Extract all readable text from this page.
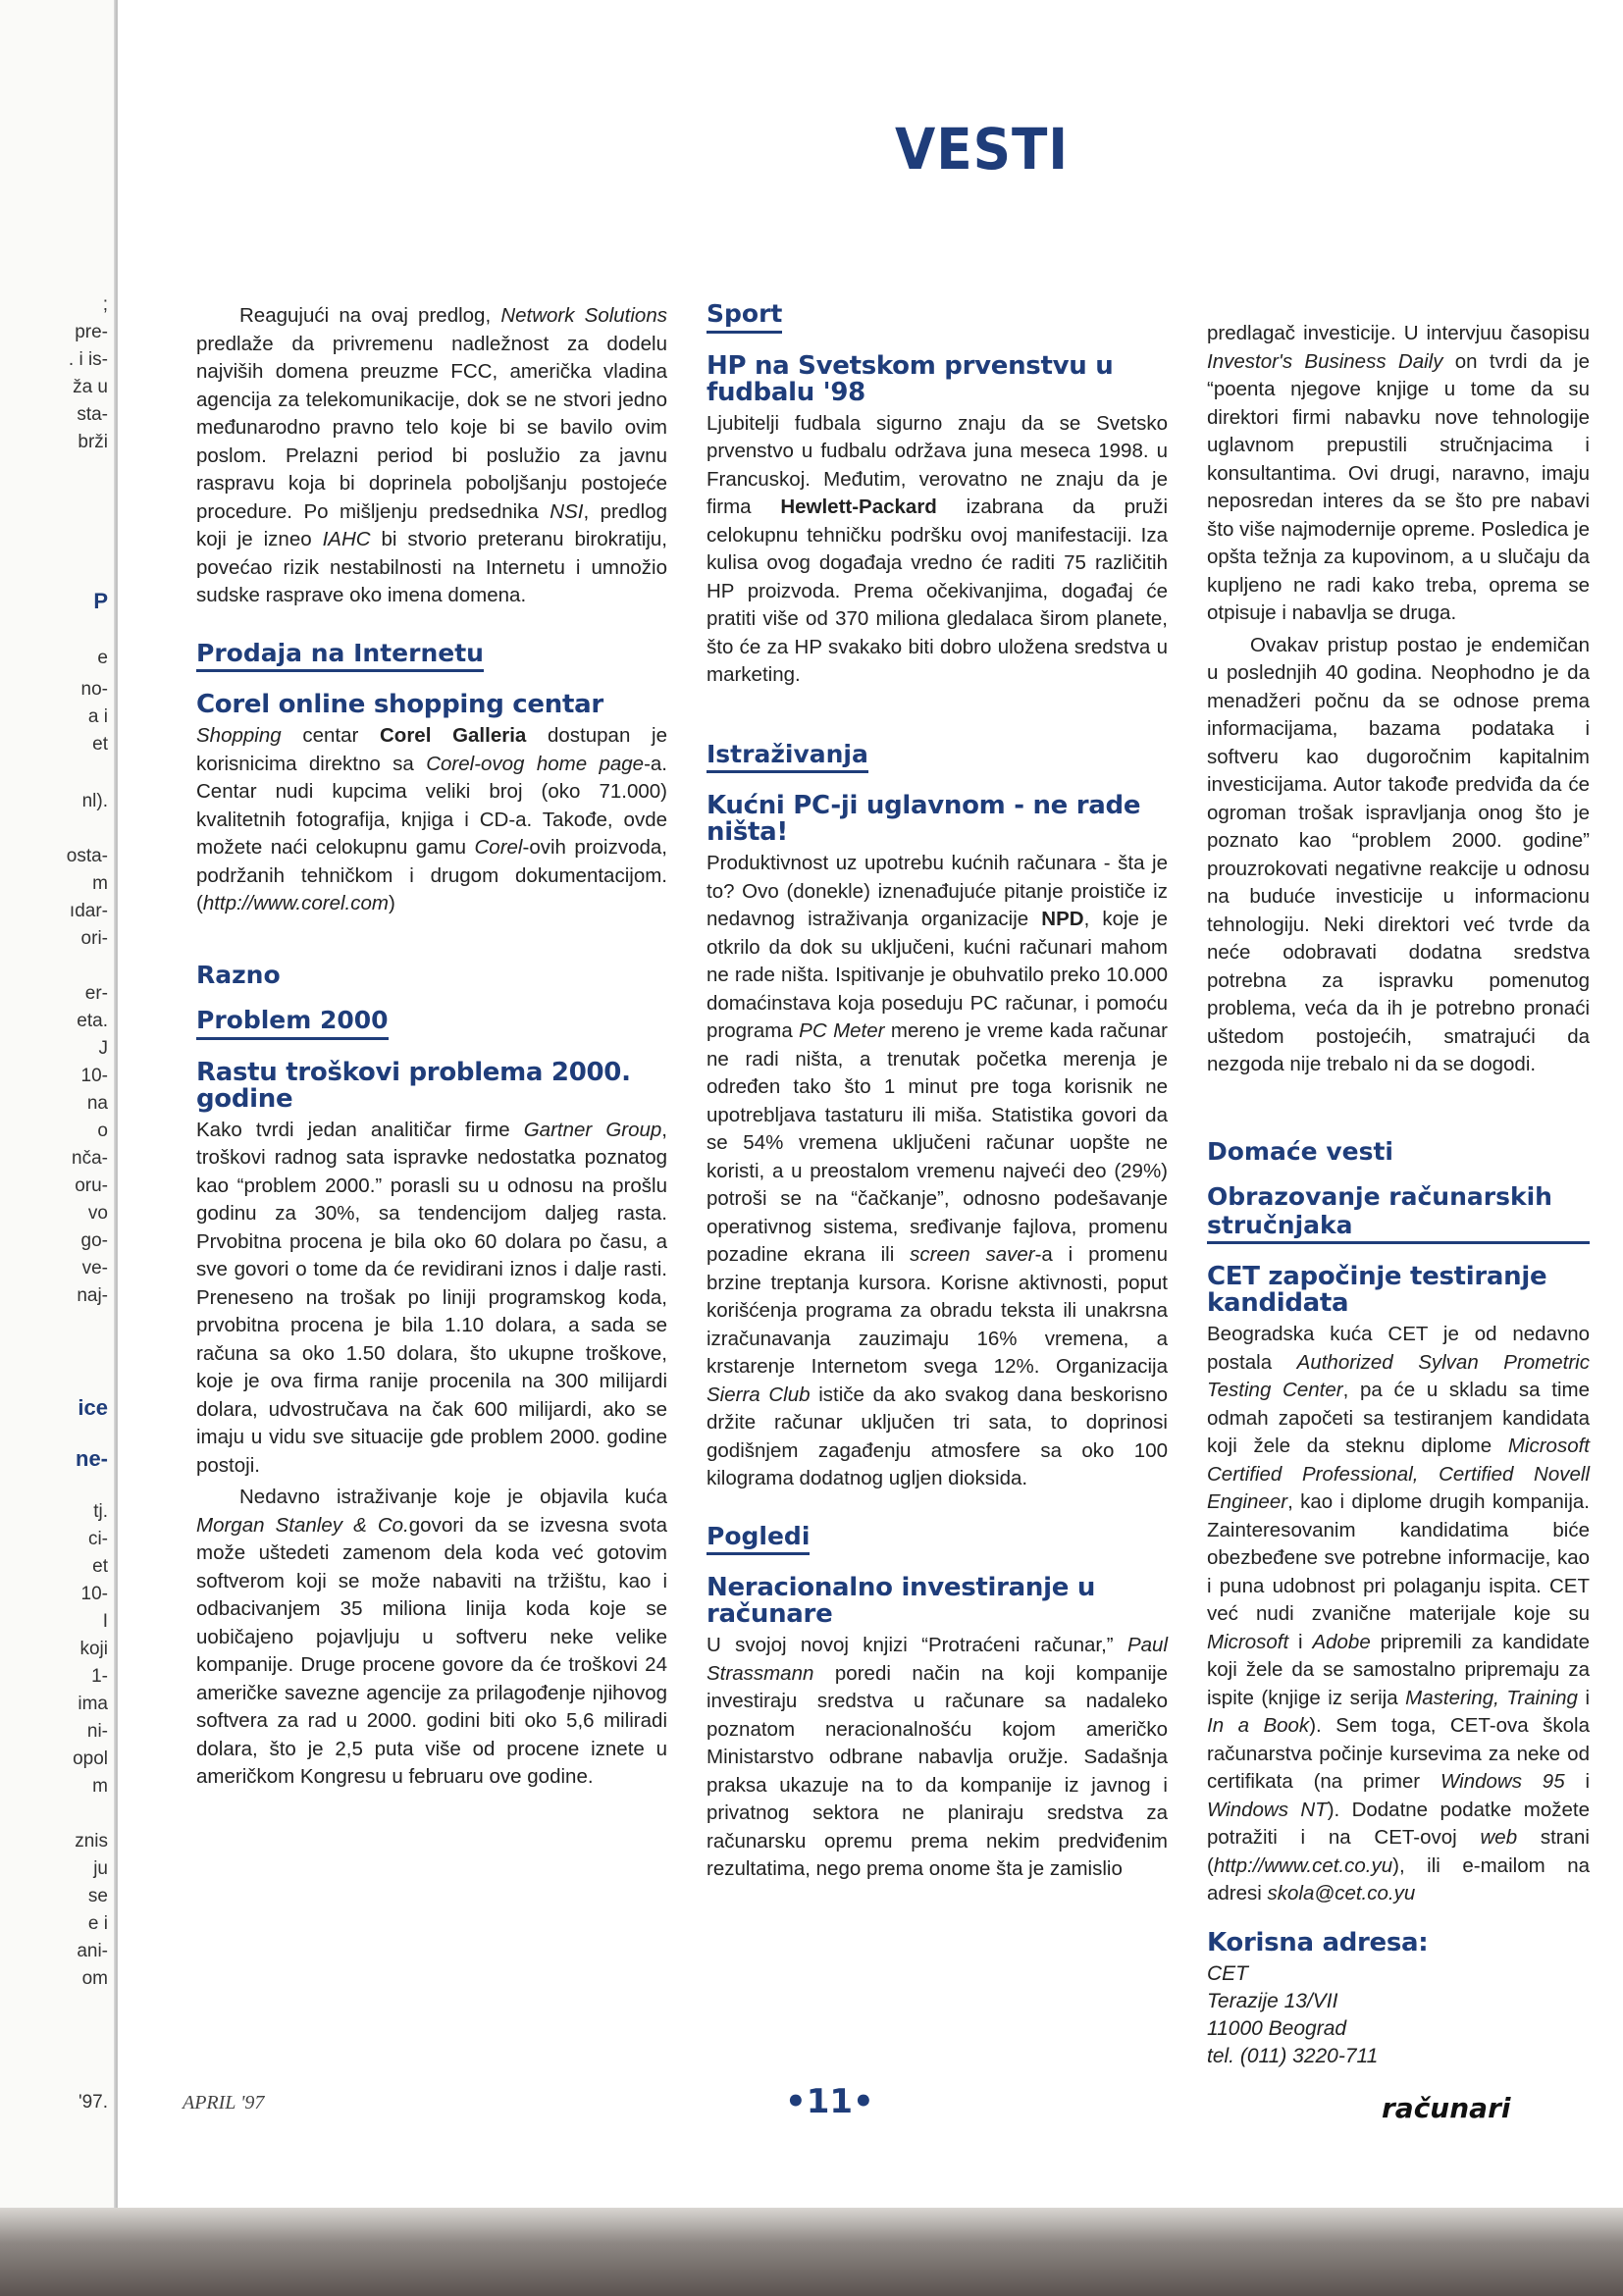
;
pre-
. i is-
ža u
sta-
brži
P
e
no-
a i
et
nl).
osta-
m
ıdar-
ori-
er-
eta.
J
10-
na
o
nča-
oru-
vo
go-
ve-
naj-
ice
ne-
tj.
ci-
et
10-
I
koji
1-
ima
ni-
opol
m
znis
ju
se
e i
ani-
om
'97.
VESTI

Reagujući na ovaj predlog, Network Solutions predlaže da privremenu nadležnost za dodelu najviših domena preuzme FCC, američka vladina agencija za telekomunikacije, dok se ne stvori jedno međunarodno pravno telo koje bi se bavilo ovim poslom. Prelazni period bi poslužio za javnu raspravu koja bi doprinela poboljšanju postojeće procedure. Po mišljenju predsednika NSI, predlog koji je izneo IAHC bi stvorio preteranu birokratiju, povećao rizik nestabilnosti na Internetu i umnožio sudske rasprave oko imena domena.

Prodaja na Internetu
Corel online shopping centar

Shopping centar Corel Galleria dostupan je korisnicima direktno sa Corel-ovog home page-a. Centar nudi kupcima veliki broj (oko 71.000) kvalitetnih fotografija, knjiga i CD-a. Takođe, ovde možete naći celokupnu gamu Corel-ovih proizvoda, podržanih tehničkom i drugom dokumentacijom. (http://www.corel.com)

Razno
Problem 2000
Rastu troškovi problema 2000. godine

Kako tvrdi jedan analitičar firme Gartner Group, troškovi radnog sata ispravke nedostatka poznatog kao “problem 2000.” porasli su u odnosu na prošlu godinu za 30%, sa tendencijom daljeg rasta. Prvobitna procena je bila oko 60 dolara po času, a sve govori o tome da će revidirani iznos i dalje rasti. Preneseno na trošak po liniji programskog koda, prvobitna procena je bila 1.10 dolara, a sada se računa sa oko 1.50 dolara, što ukupne troškove, koje je ova firma ranije procenila na 300 milijardi dolara, udvostručava na čak 600 milijardi, ako se imaju u vidu sve situacije gde problem 2000. godine postoji.

Nedavno istraživanje koje je objavila kuća Morgan Stanley & Co.govori da se izvesna svota može uštedeti zamenom dela koda već gotovim softverom koji se može nabaviti na tržištu, kao i odbacivanjem 35 miliona linija koda koje se uobičajeno pojavljuju u softveru neke velike kompanije. Druge procene govore da će troškovi 24 američke savezne agencije za prilagođenje njihovog softvera za rad u 2000. godini biti oko 5,6 miliradi dolara, što je 2,5 puta više od procene iznete u američkom Kongresu u februaru ove godine.

Sport
HP na Svetskom prvenstvu u fudbalu '98

Ljubitelji fudbala sigurno znaju da se Svetsko prvenstvo u fudbalu održava juna meseca 1998. u Francuskoj. Međutim, verovatno ne znaju da je firma Hewlett-Packard izabrana da pruži celokupnu tehničku podršku ovoj manifestaciji. Iza kulisa ovog događaja vredno će raditi 75 različitih HP proizvoda. Prema očekivanjima, događaj će pratiti više od 370 miliona gledalaca širom planete, što će za HP svakako biti dobro uložena sredstva u marketing.

Istraživanja
Kućni PC-ji uglavnom - ne rade ništa!

Produktivnost uz upotrebu kućnih računara - šta je to? Ovo (donekle) iznenađujuće pitanje proističe iz nedavnog istraživanja organizacije NPD, koje je otkrilo da dok su uključeni, kućni računari mahom ne rade ništa. Ispitivanje je obuhvatilo preko 10.000 domaćinstava koja poseduju PC računar, i pomoću programa PC Meter mereno je vreme kada računar ne radi ništa, a trenutak početka merenja je određen tako što 1 minut pre toga korisnik ne upotrebljava tastaturu ili miša. Statistika govori da se 54% vremena uključeni računar uopšte ne koristi, a u preostalom vremenu najveći deo (29%) potroši se na “čačkanje”, odnosno podešavanje operativnog sistema, sređivanje fajlova, promenu pozadine ekrana ili screen saver-a i promenu brzine treptanja kursora. Korisne aktivnosti, poput korišćenja programa za obradu teksta ili unakrsna izračunavanja zauzimaju 16% vremena, a krstarenje Internetom svega 12%. Organizacija Sierra Club ističe da ako svakog dana beskorisno držite računar uključen tri sata, to doprinosi godišnjem zagađenju atmosfere sa oko 100 kilograma dodatnog ugljen dioksida.

Pogledi
Neracionalno investiranje u računare

U svojoj novoj knjizi “Protraćeni računar,” Paul Strassmann poredi način na koji kompanije investiraju sredstva u računare sa nadaleko poznatom neracionalnošću kojom američko Ministarstvo odbrane nabavlja oružje. Sadašnja praksa ukazuje na to da kompanije iz javnog i privatnog sektora ne planiraju sredstva za računarsku opremu prema nekim predviđenim rezultatima, nego prema onome šta je zamislio

predlagač investicije. U intervjuu časopisu Investor's Business Daily on tvrdi da je “poenta njegove knjige u tome da su direktori firmi nabavku nove tehnologije uglavnom prepustili stručnjacima i konsultantima. Ovi drugi, naravno, imaju neposredan interes da se što pre nabavi što više najmodernije opreme. Posledica je opšta težnja za kupovinom, a u slučaju da kupljeno ne radi kako treba, oprema se otpisuje i nabavlja se druga.

Ovakav pristup postao je endemičan u poslednjih 40 godina. Neophodno je da menadžeri počnu da se odnose prema informacijama, bazama podataka i softveru kao dugoročnim kapitalnim investicijama. Autor takođe predviđa da će ogroman trošak ispravljanja onog što je poznato kao “problem 2000. godine” prouzrokovati negativne reakcije u odnosu na buduće investicije u informacionu tehnologiju. Neki direktori već tvrde da neće odobravati dodatna sredstva potrebna za ispravku pomenutog problema, veća da ih je potrebno pronaći uštedom postojećih, smatrajući da nezgoda nije trebalo ni da se dogodi.

Domaće vesti
Obrazovanje računarskih stručnjaka
CET započinje testiranje kandidata

Beogradska kuća CET je od nedavno postala Authorized Sylvan Prometric Testing Center, pa će u skladu sa time odmah započeti sa testiranjem kandidata koji žele da steknu diplome Microsoft Certified Professional, Certified Novell Engineer, kao i diplome drugih kompanija. Zainteresovanim kandidatima biće obezbeđene sve potrebne informacije, kao i puna udobnost pri polaganju ispita. CET već nudi zvanične materijale koje su Microsoft i Adobe pripremili za kandidate koji žele da se samostalno pripremaju za ispite (knjige iz serija Mastering, Training i In a Book). Sem toga, CET-ova škola računarstva počinje kursevima za neke od certifikata (na primer Windows 95 i Windows NT). Dodatne podatke možete potražiti i na CET-ovoj web strani (http://www.cet.co.yu), ili e-mailom na adresi skola@cet.co.yu

Korisna adresa:
CET
Terazije 13/VII
11000 Beograd
tel. (011) 3220-711
APRIL '97	•11•	računari
